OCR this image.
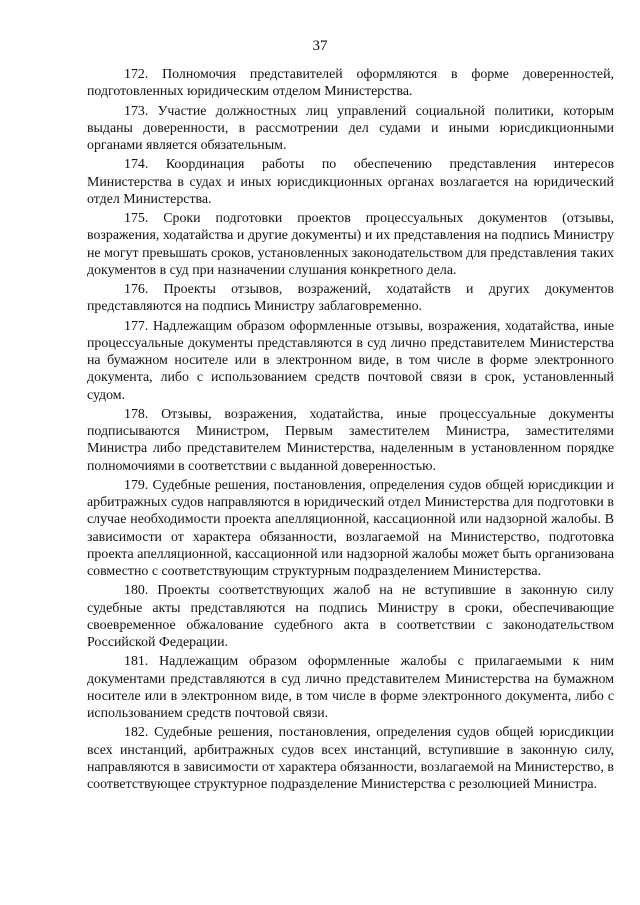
37

172. Полномочия представителей оформляются в форме доверенностей, подготовленных юридическим отделом Министерства.

173. Участие должностных лиц управлений социальной политики, которым выданы доверенности, в рассмотрении дел судами и иными юрисдикционными органами является обязательным.

174. Координация работы по обеспечению представления интересов Министерства в судах и иных юрисдикционных органах возлагается на юридический отдел Министерства.

175. Сроки подготовки проектов процессуальных документов (отзывы, возражения, ходатайства и другие документы) и их представления на подпись Министру не могут превышать сроков, установленных законодательством для представления таких документов в суд при назначении слушания конкретного дела.

176. Проекты отзывов, возражений, ходатайств и других документов представляются на подпись Министру заблаговременно.

177. Надлежащим образом оформленные отзывы, возражения, ходатайства, иные процессуальные документы представляются в суд лично представителем Министерства на бумажном носителе или в электронном виде, в том числе в форме электронного документа, либо с использованием средств почтовой связи в срок, установленный судом.

178. Отзывы, возражения, ходатайства, иные процессуальные документы подписываются Министром, Первым заместителем Министра, заместителями Министра либо представителем Министерства, наделенным в установленном порядке полномочиями в соответствии с выданной доверенностью.

179. Судебные решения, постановления, определения судов общей юрисдикции и арбитражных судов направляются в юридический отдел Министерства для подготовки в случае необходимости проекта апелляционной, кассационной или надзорной жалобы. В зависимости от характера обязанности, возлагаемой на Министерство, подготовка проекта апелляционной, кассационной или надзорной жалобы может быть организована совместно с соответствующим структурным подразделением Министерства.

180. Проекты соответствующих жалоб на не вступившие в законную силу судебные акты представляются на подпись Министру в сроки, обеспечивающие своевременное обжалование судебного акта в соответствии с законодательством Российской Федерации.

181. Надлежащим образом оформленные жалобы с прилагаемыми к ним документами представляются в суд лично представителем Министерства на бумажном носителе или в электронном виде, в том числе в форме электронного документа, либо с использованием средств почтовой связи.

182. Судебные решения, постановления, определения судов общей юрисдикции всех инстанций, арбитражных судов всех инстанций, вступившие в законную силу, направляются в зависимости от характера обязанности, возлагаемой на Министерство, в соответствующее структурное подразделение Министерства с резолюцией Министра.
